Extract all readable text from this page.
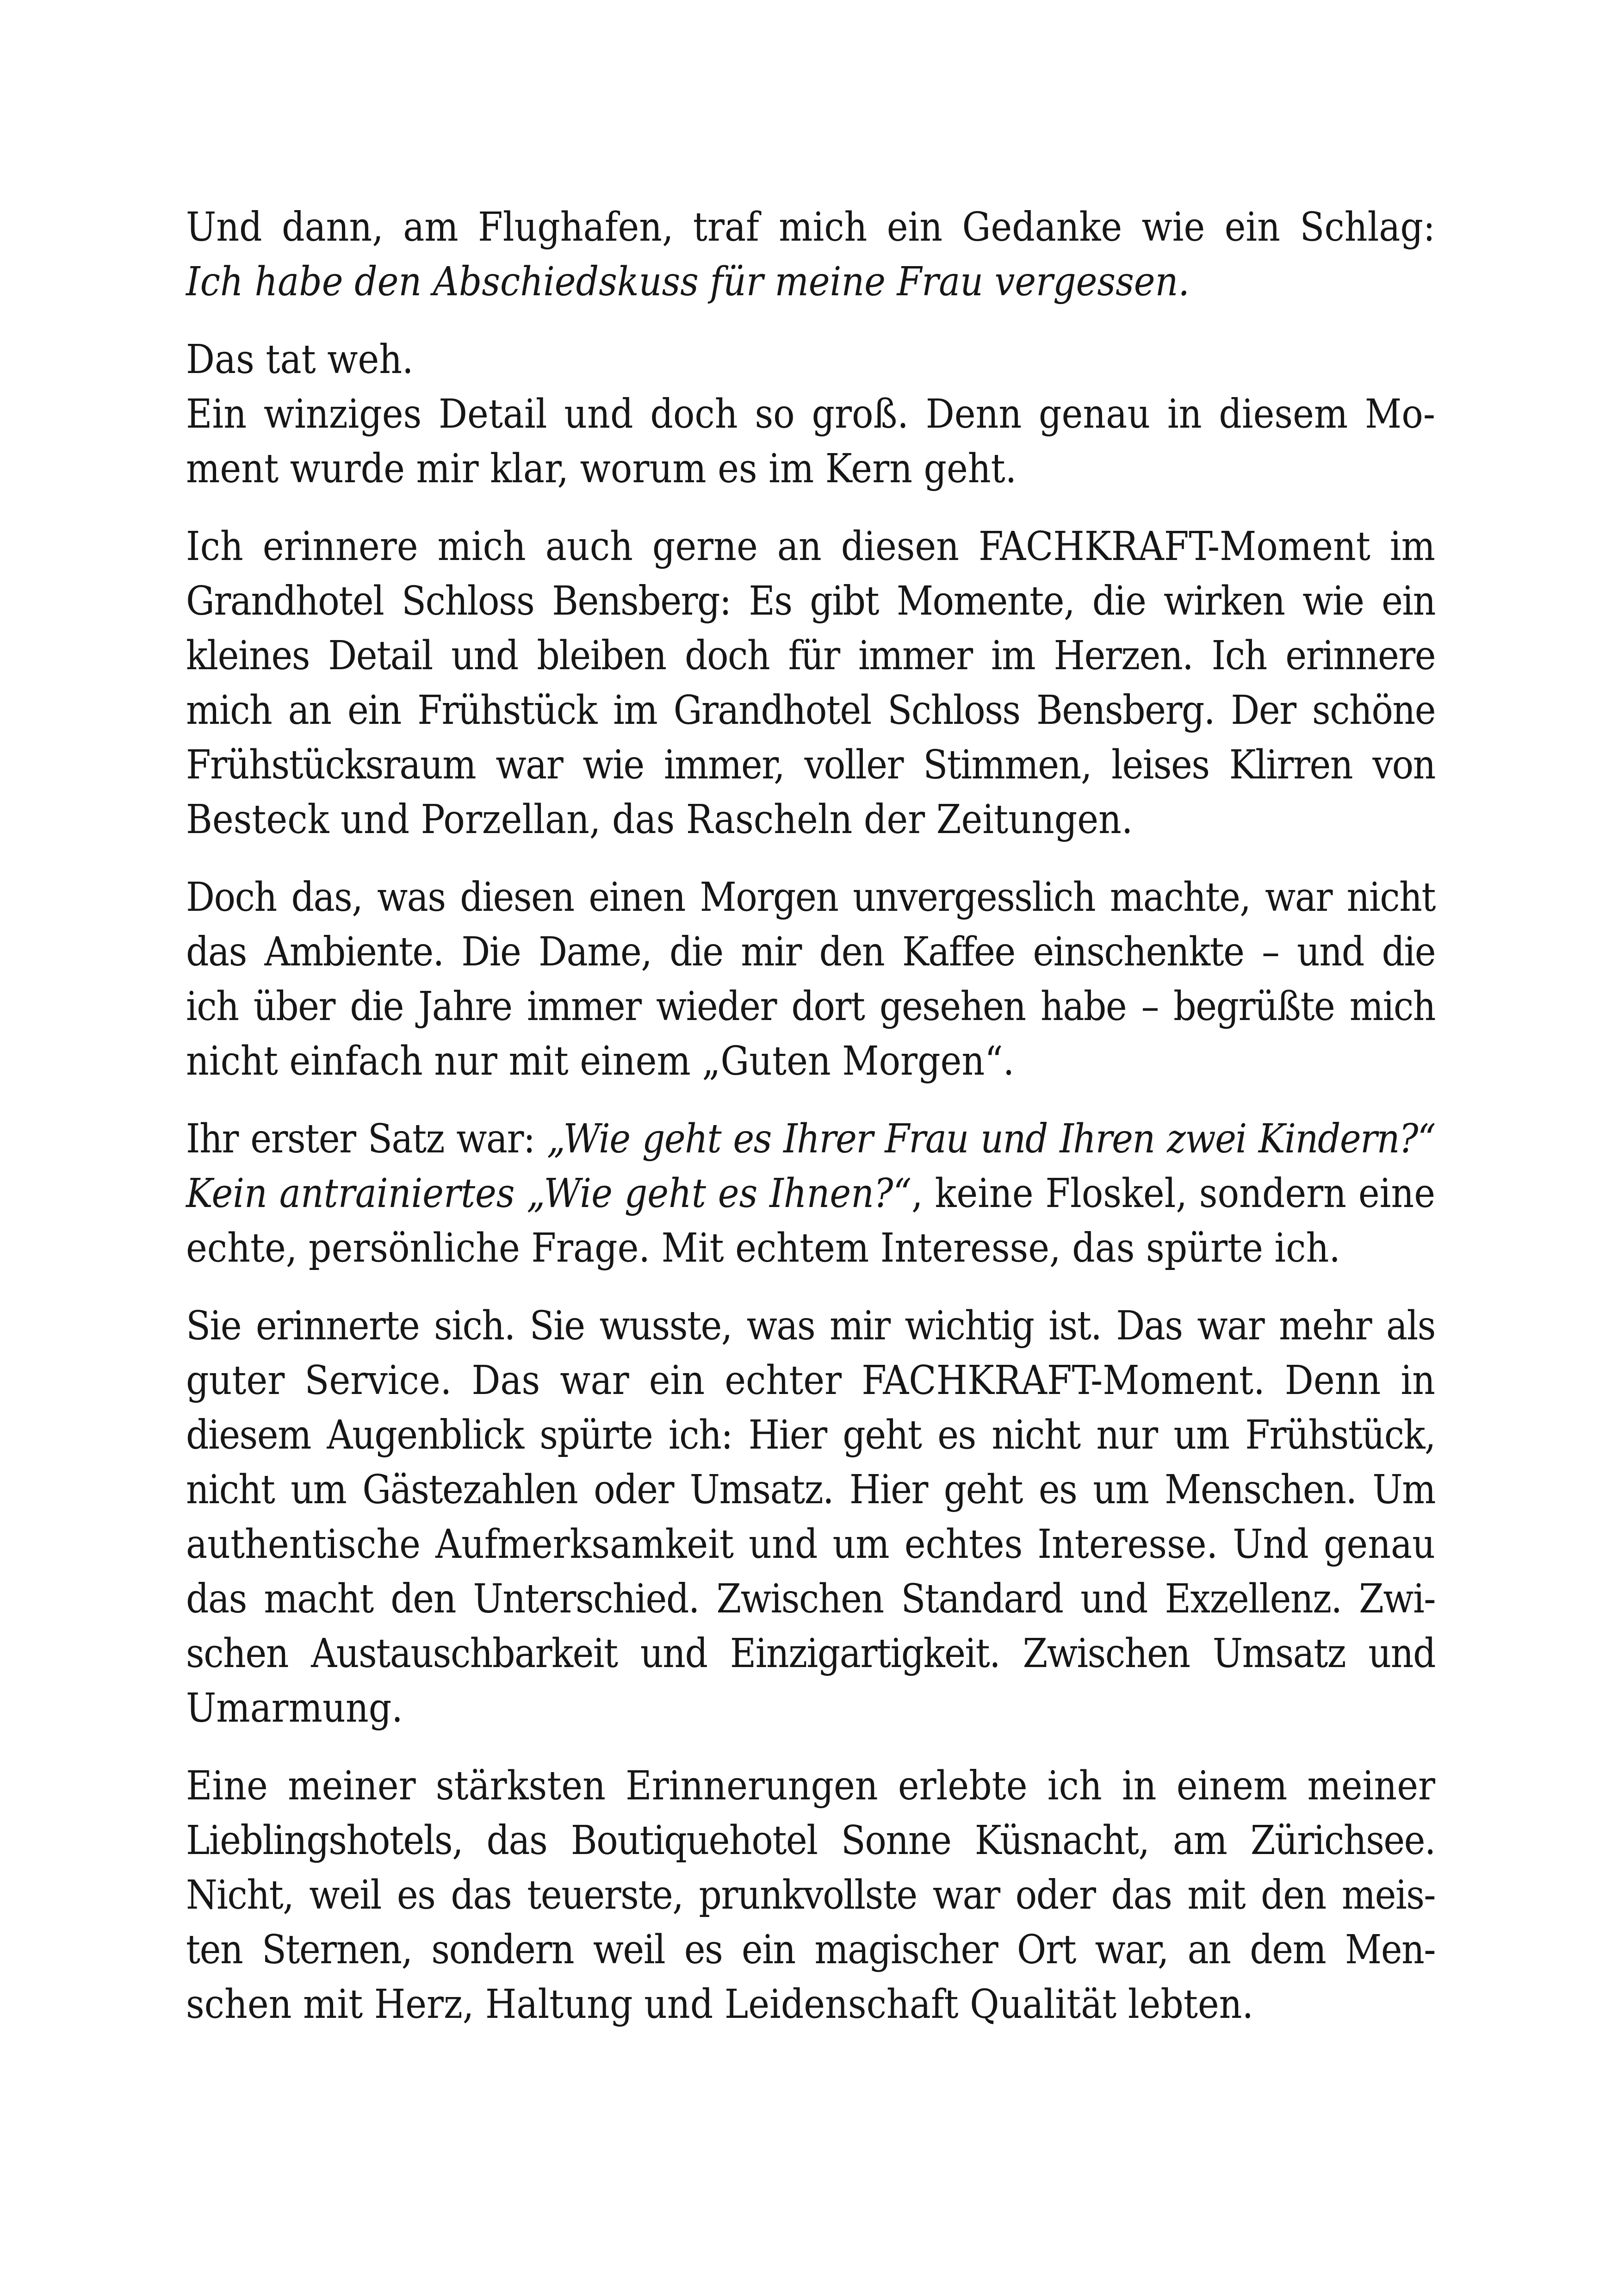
Und dann, am Flughafen, traf mich ein Gedanke wie ein Schlag:
Ich habe den Abschiedskuss für meine Frau vergessen.

Das tat weh.
Ein winziges Detail und doch so groß. Denn genau in diesem Mo-
ment wurde mir klar, worum es im Kern geht.

Ich erinnere mich auch gerne an diesen FACHKRAFT-Moment im
Grandhotel Schloss Bensberg: Es gibt Momente, die wirken wie ein
kleines Detail und bleiben doch für immer im Herzen. Ich erinnere
mich an ein Frühstück im Grandhotel Schloss Bensberg. Der schöne
Frühstücksraum war wie immer, voller Stimmen, leises Klirren von
Besteck und Porzellan, das Rascheln der Zeitungen.

Doch das, was diesen einen Morgen unvergesslich machte, war nicht
das Ambiente. Die Dame, die mir den Kaffee einschenkte – und die
ich über die Jahre immer wieder dort gesehen habe – begrüßte mich
nicht einfach nur mit einem „Guten Morgen“.

Ihr erster Satz war: „Wie geht es Ihrer Frau und Ihren zwei Kindern?“
Kein antrainiertes „Wie geht es Ihnen?“, keine Floskel, sondern eine
echte, persönliche Frage. Mit echtem Interesse, das spürte ich.

Sie erinnerte sich. Sie wusste, was mir wichtig ist. Das war mehr als
guter Service. Das war ein echter FACHKRAFT-Moment. Denn in
diesem Augenblick spürte ich: Hier geht es nicht nur um Frühstück,
nicht um Gästezahlen oder Umsatz. Hier geht es um Menschen. Um
authentische Aufmerksamkeit und um echtes Interesse. Und genau
das macht den Unterschied. Zwischen Standard und Exzellenz. Zwi-
schen Austauschbarkeit und Einzigartigkeit. Zwischen Umsatz und
Umarmung.

Eine meiner stärksten Erinnerungen erlebte ich in einem meiner
Lieblingshotels, das Boutiquehotel Sonne Küsnacht, am Zürichsee.
Nicht, weil es das teuerste, prunkvollste war oder das mit den meis-
ten Sternen, sondern weil es ein magischer Ort war, an dem Men-
schen mit Herz, Haltung und Leidenschaft Qualität lebten.
